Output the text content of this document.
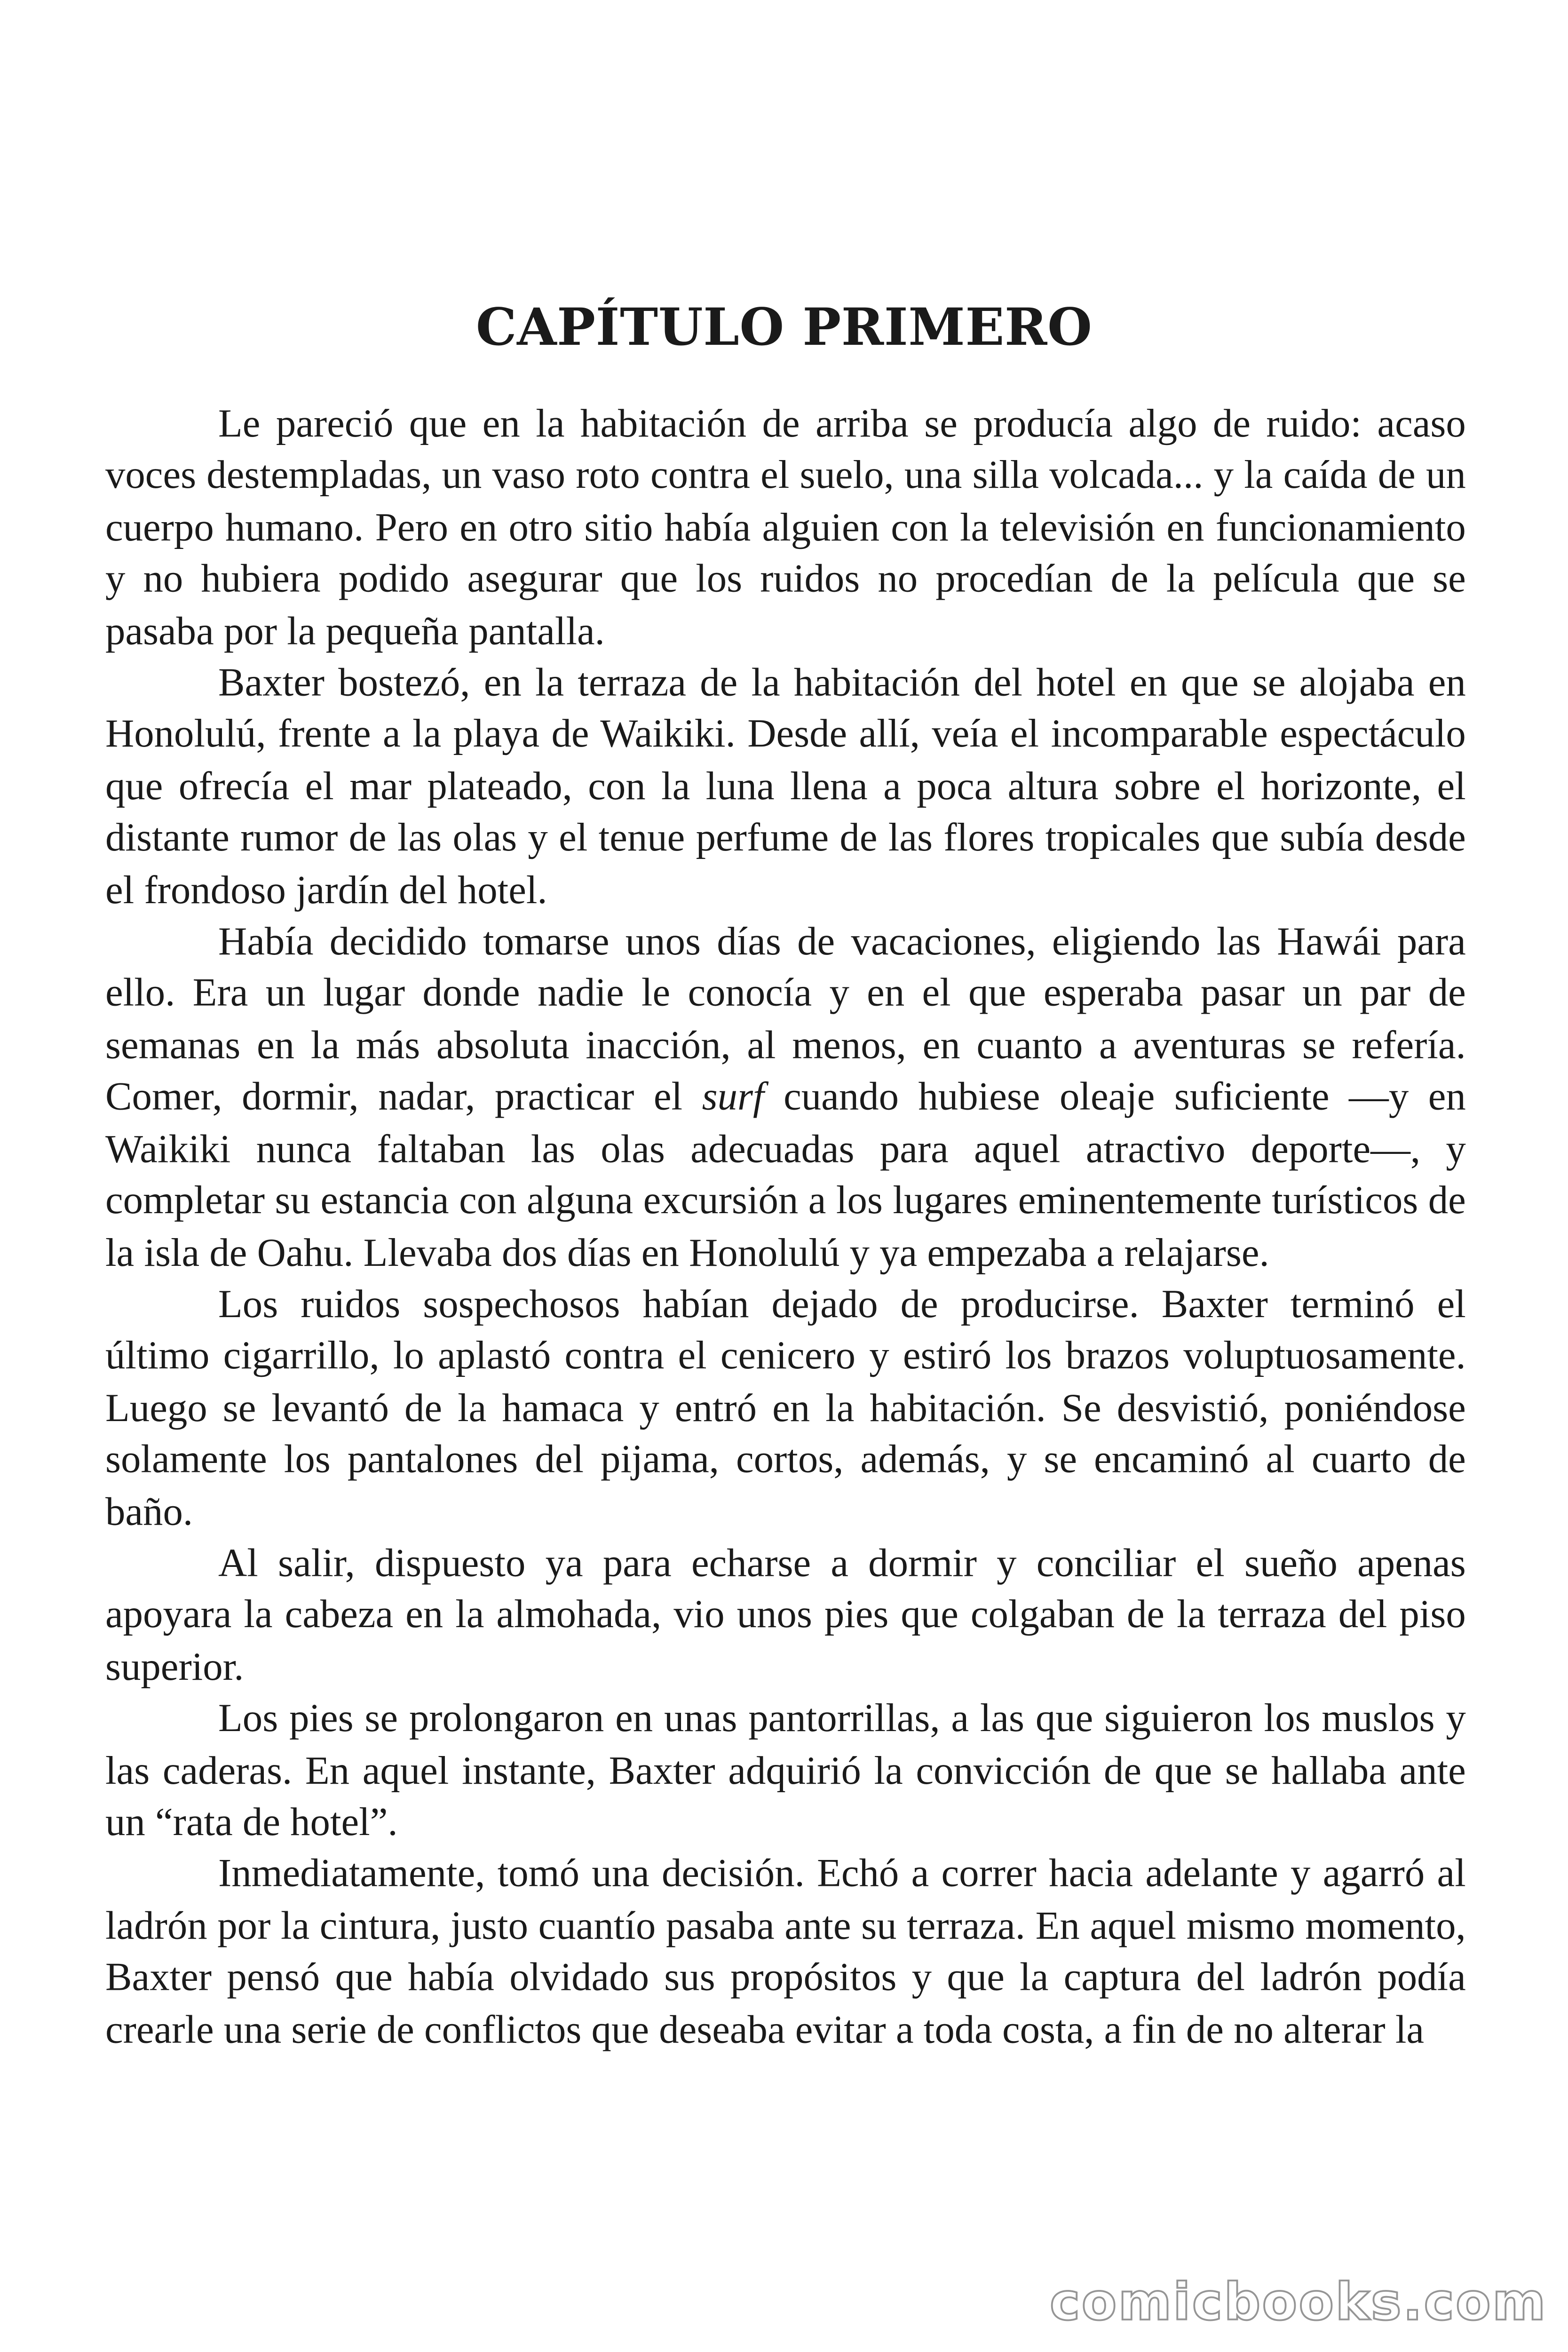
CAPÍTULO PRIMERO

Le pareció que en la habitación de arriba se producía algo de ruido: acaso voces destempladas, un vaso roto contra el suelo, una silla volcada... y la caída de un cuerpo humano. Pero en otro sitio había alguien con la televisión en funcionamiento y no hubiera podido asegurar que los ruidos no procedían de la película que se pasaba por la pequeña pantalla.

Baxter bostezó, en la terraza de la habitación del hotel en que se alojaba en Honolulú, frente a la playa de Waikiki. Desde allí, veía el incomparable espectáculo que ofrecía el mar plateado, con la luna llena a poca altura sobre el horizonte, el distante rumor de las olas y el tenue perfume de las flores tropicales que subía desde el frondoso jardín del hotel.

Había decidido tomarse unos días de vacaciones, eligiendo las Hawái para ello. Era un lugar donde nadie le conocía y en el que esperaba pasar un par de semanas en la más absoluta inacción, al menos, en cuanto a aventuras se refería. Comer, dormir, nadar, practicar el surf cuando hubiese oleaje suficiente —y en Waikiki nunca faltaban las olas adecuadas para aquel atractivo deporte—, y completar su estancia con alguna excursión a los lugares eminentemente turísticos de la isla de Oahu. Llevaba dos días en Honolulú y ya empezaba a relajarse.

Los ruidos sospechosos habían dejado de producirse. Baxter terminó el último cigarrillo, lo aplastó contra el cenicero y estiró los brazos voluptuosamente. Luego se levantó de la hamaca y entró en la habitación. Se desvistió, poniéndose solamente los pantalones del pijama, cortos, además, y se encaminó al cuarto de baño.

Al salir, dispuesto ya para echarse a dormir y conciliar el sueño apenas apoyara la cabeza en la almohada, vio unos pies que colgaban de la terraza del piso superior.

Los pies se prolongaron en unas pantorrillas, a las que siguieron los muslos y las caderas. En aquel instante, Baxter adquirió la convicción de que se hallaba ante un “rata de hotel”.

Inmediatamente, tomó una decisión. Echó a correr hacia adelante y agarró al ladrón por la cintura, justo cuantío pasaba ante su terraza. En aquel mismo momento, Baxter pensó que había olvidado sus propósitos y que la captura del ladrón podía crearle una serie de conflictos que deseaba evitar a toda costa, a fin de no alterar la

comicbooks.com
